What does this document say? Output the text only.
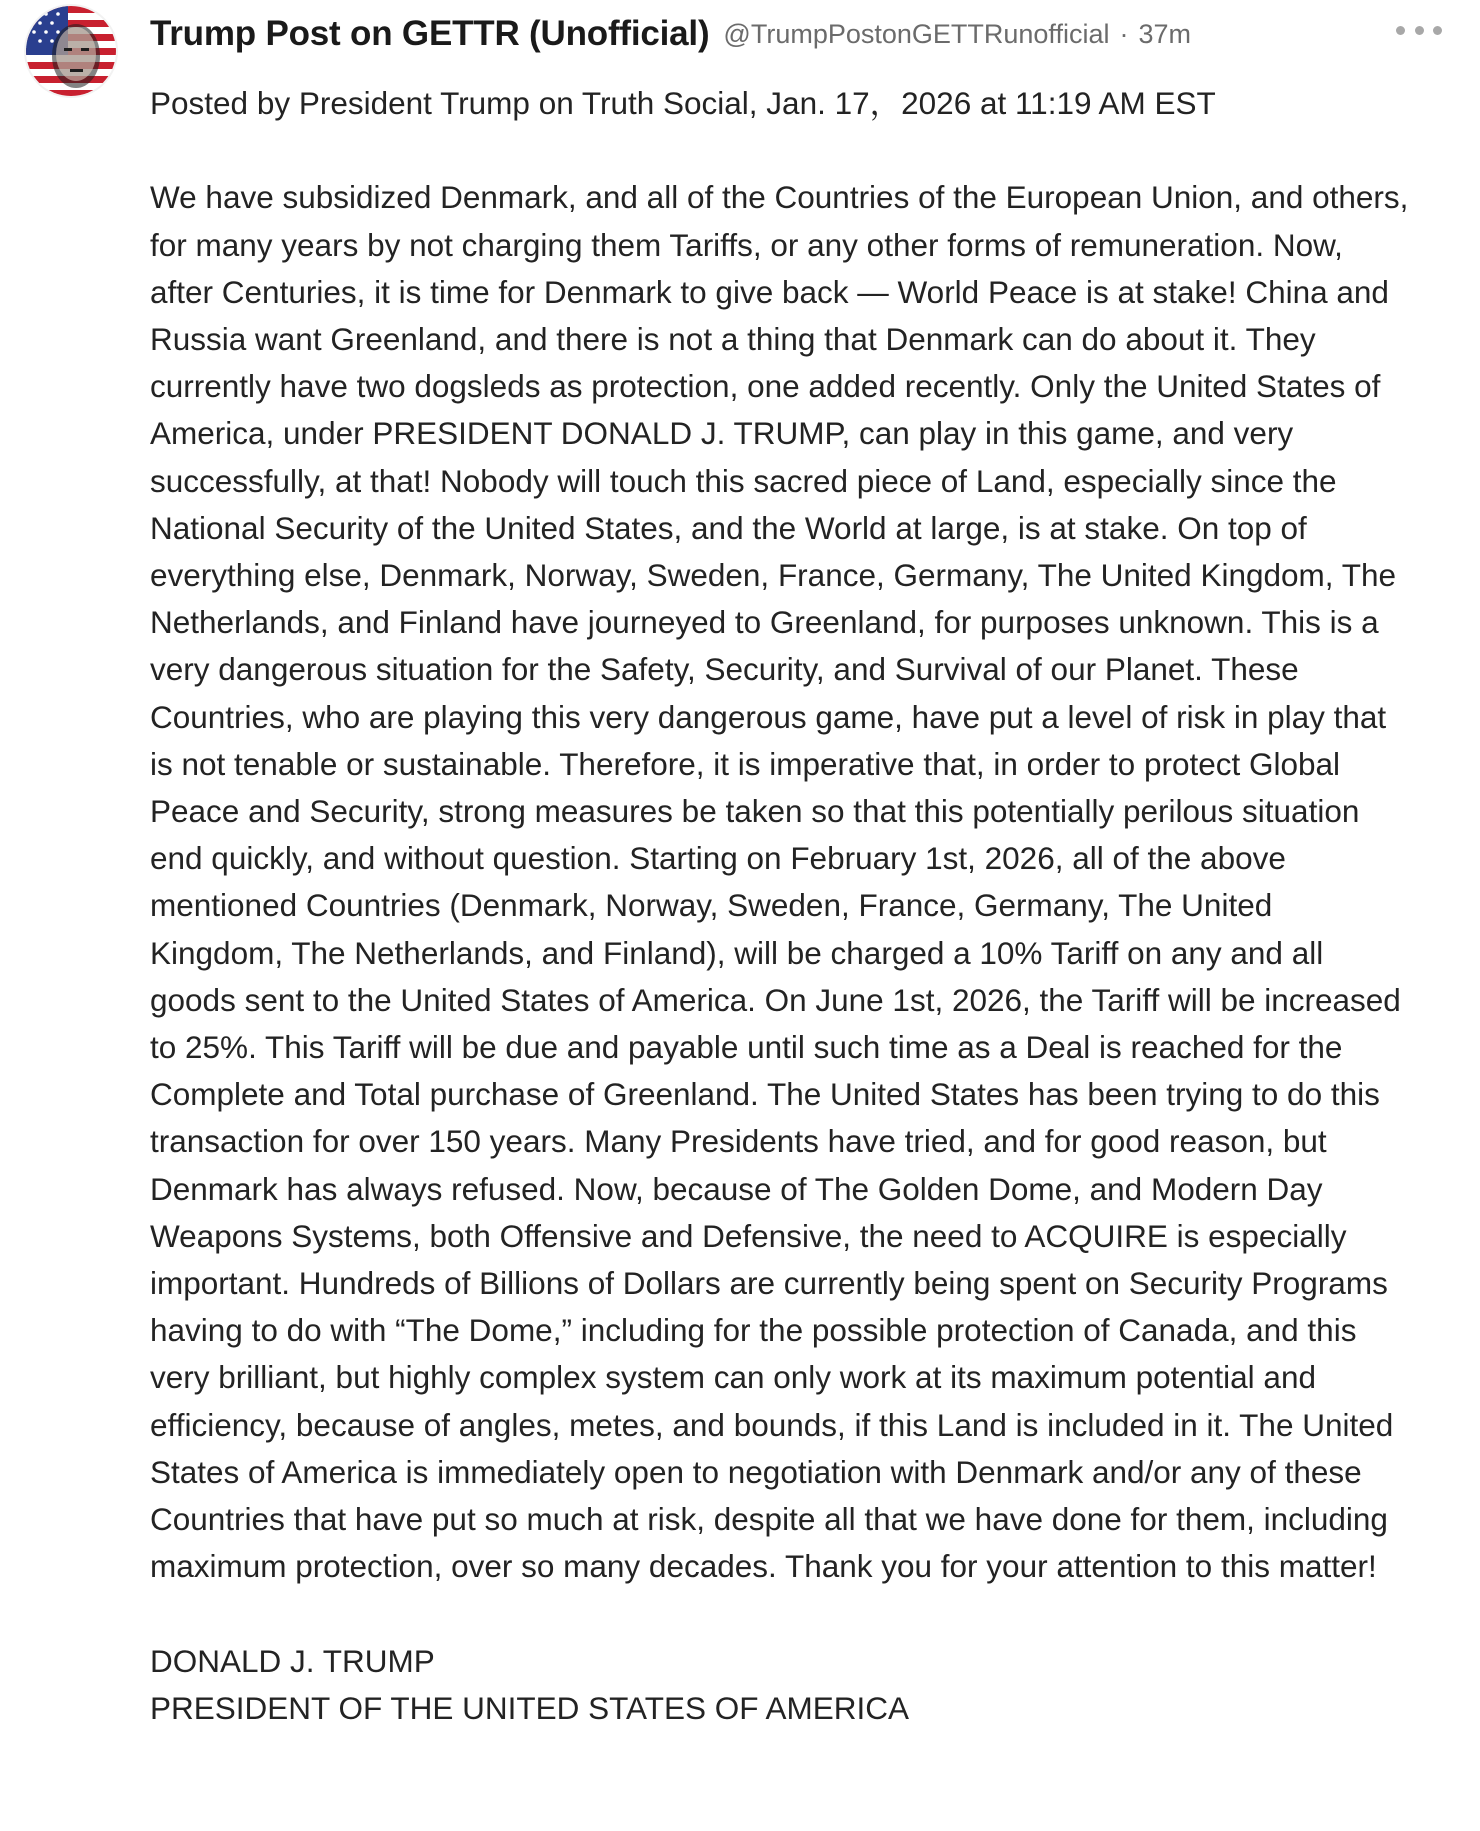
Trump Post on GETTR (Unofficial) @TrumpPostonGETTRunofficial · 37m

Posted by President Trump on Truth Social, Jan. 17，2026 at 11:19 AM EST

We have subsidized Denmark, and all of the Countries of the European Union, and others, for many years by not charging them Tariffs, or any other forms of remuneration. Now, after Centuries, it is time for Denmark to give back — World Peace is at stake! China and Russia want Greenland, and there is not a thing that Denmark can do about it. They currently have two dogsleds as protection, one added recently. Only the United States of America, under PRESIDENT DONALD J. TRUMP, can play in this game, and very successfully, at that! Nobody will touch this sacred piece of Land, especially since the National Security of the United States, and the World at large, is at stake. On top of everything else, Denmark, Norway, Sweden, France, Germany, The United Kingdom, The Netherlands, and Finland have journeyed to Greenland, for purposes unknown. This is a very dangerous situation for the Safety, Security, and Survival of our Planet. These Countries, who are playing this very dangerous game, have put a level of risk in play that is not tenable or sustainable. Therefore, it is imperative that, in order to protect Global Peace and Security, strong measures be taken so that this potentially perilous situation end quickly, and without question. Starting on February 1st, 2026, all of the above mentioned Countries (Denmark, Norway, Sweden, France, Germany, The United Kingdom, The Netherlands, and Finland), will be charged a 10% Tariff on any and all goods sent to the United States of America. On June 1st, 2026, the Tariff will be increased to 25%. This Tariff will be due and payable until such time as a Deal is reached for the Complete and Total purchase of Greenland. The United States has been trying to do this transaction for over 150 years. Many Presidents have tried, and for good reason, but Denmark has always refused. Now, because of The Golden Dome, and Modern Day Weapons Systems, both Offensive and Defensive, the need to ACQUIRE is especially important. Hundreds of Billions of Dollars are currently being spent on Security Programs having to do with “The Dome,” including for the possible protection of Canada, and this very brilliant, but highly complex system can only work at its maximum potential and efficiency, because of angles, metes, and bounds, if this Land is included in it. The United States of America is immediately open to negotiation with Denmark and/or any of these Countries that have put so much at risk, despite all that we have done for them, including maximum protection, over so many decades. Thank you for your attention to this matter!

DONALD J. TRUMP
PRESIDENT OF THE UNITED STATES OF AMERICA
